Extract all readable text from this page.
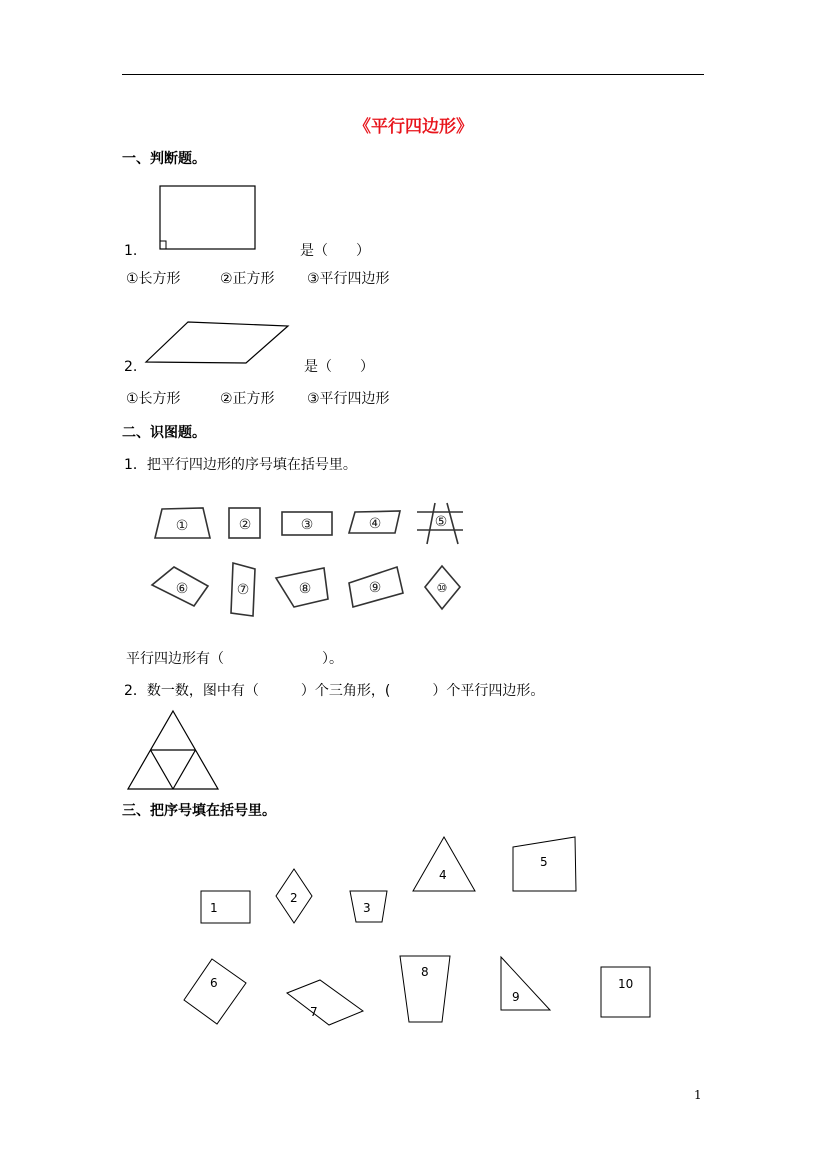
《平行四边形》
一、判断题。
1.	是（　　）
①长方形	②正方形 ③平行四边形
2.	是（　　）
①长方形	②正方形 ③平行四边形
二、识图题。
1．把平行四边形的序号填在括号里。
①	②	③	④	⑤
⑥	⑦	⑧	⑨	⑩
平行四边形有（　　　　　　　）。
2．数一数，图中有（　　　）个三角形，(　　　）个平行四边形。
三、把序号填在括号里。
1
2
3
4
5
6
7
8
9
10
1
